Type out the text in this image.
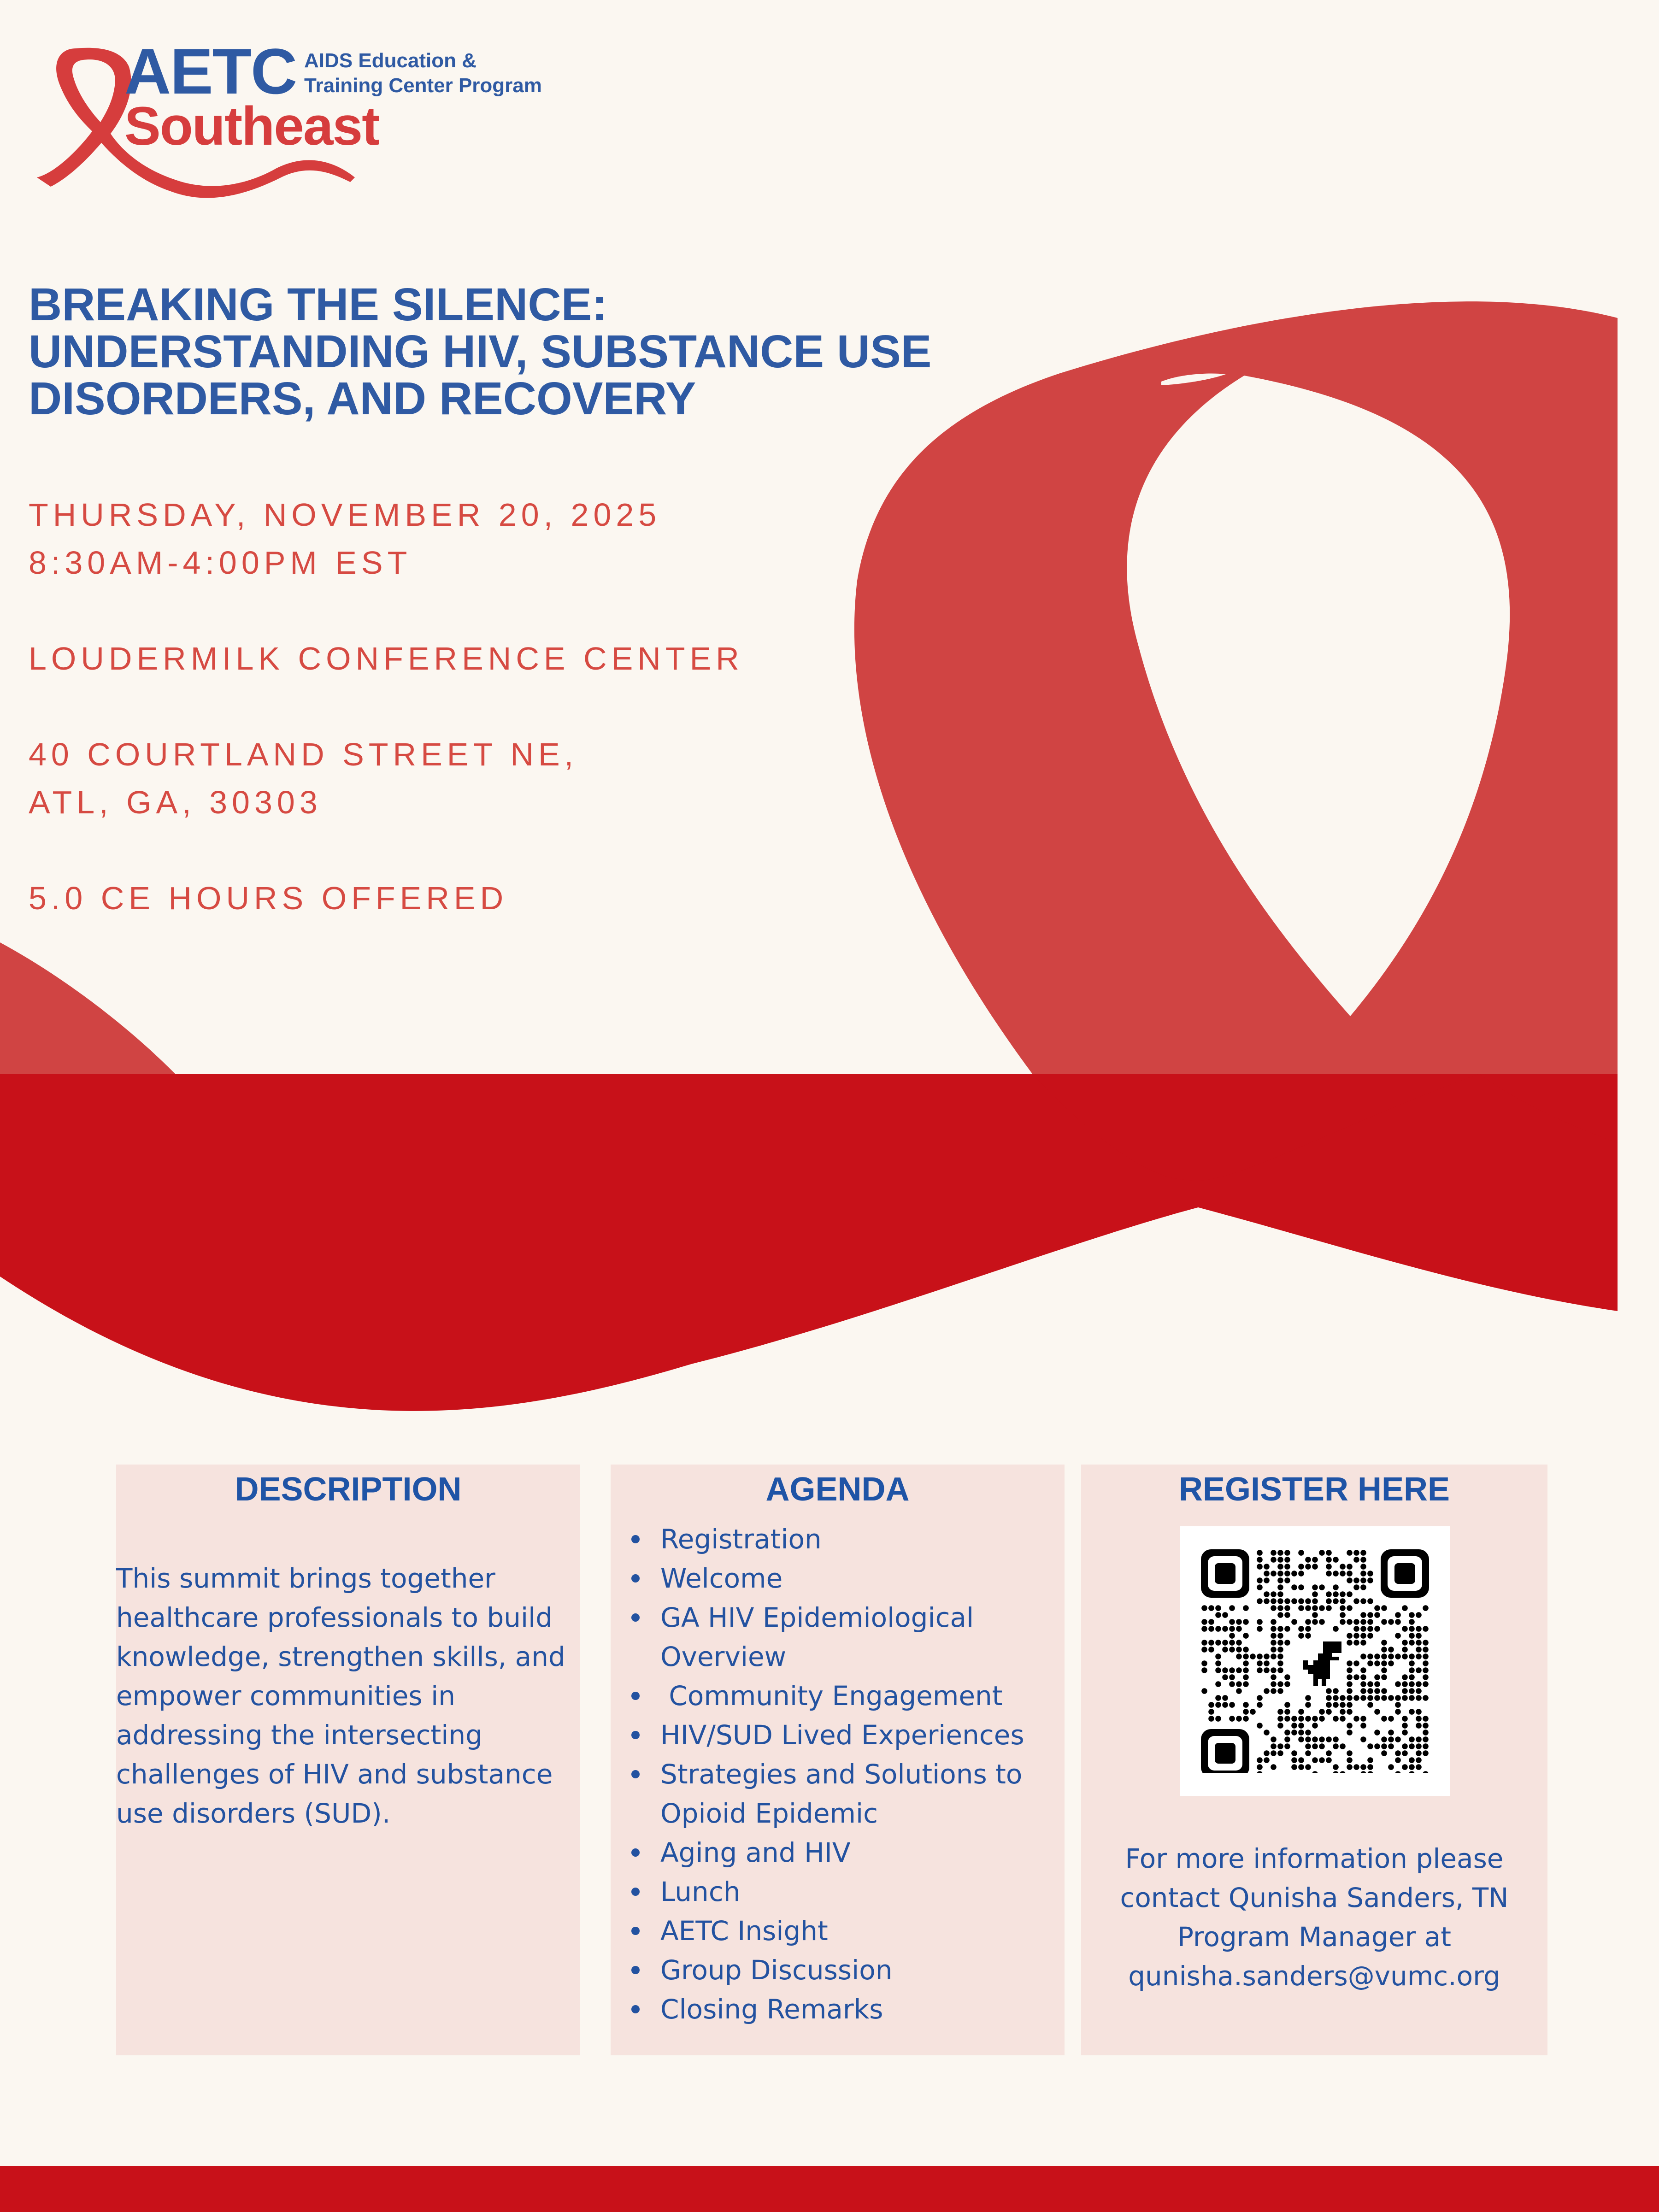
AETC AIDS Education &
Training Center Program
Southeast
BREAKING THE SILENCE: UNDERSTANDING HIV, SUBSTANCE USE DISORDERS, AND RECOVERY
THURSDAY, NOVEMBER 20, 2025
8:30AM-4:00PM EST
LOUDERMILK CONFERENCE CENTER
40 COURTLAND STREET NE,
ATL, GA, 30303
5.0 CE HOURS OFFERED
DESCRIPTION
This summit brings together healthcare professionals to build knowledge, strengthen skills, and empower communities in addressing the intersecting challenges of HIV and substance use disorders (SUD).
AGENDA
Registration
Welcome
GA HIV Epidemiological Overview
Community Engagement
HIV/SUD Lived Experiences
Strategies and Solutions to Opioid Epidemic
Aging and HIV
Lunch
AETC Insight
Group Discussion
Closing Remarks
REGISTER HERE
For more information please contact Qunisha Sanders, TN Program Manager at qunisha.sanders@vumc.org
